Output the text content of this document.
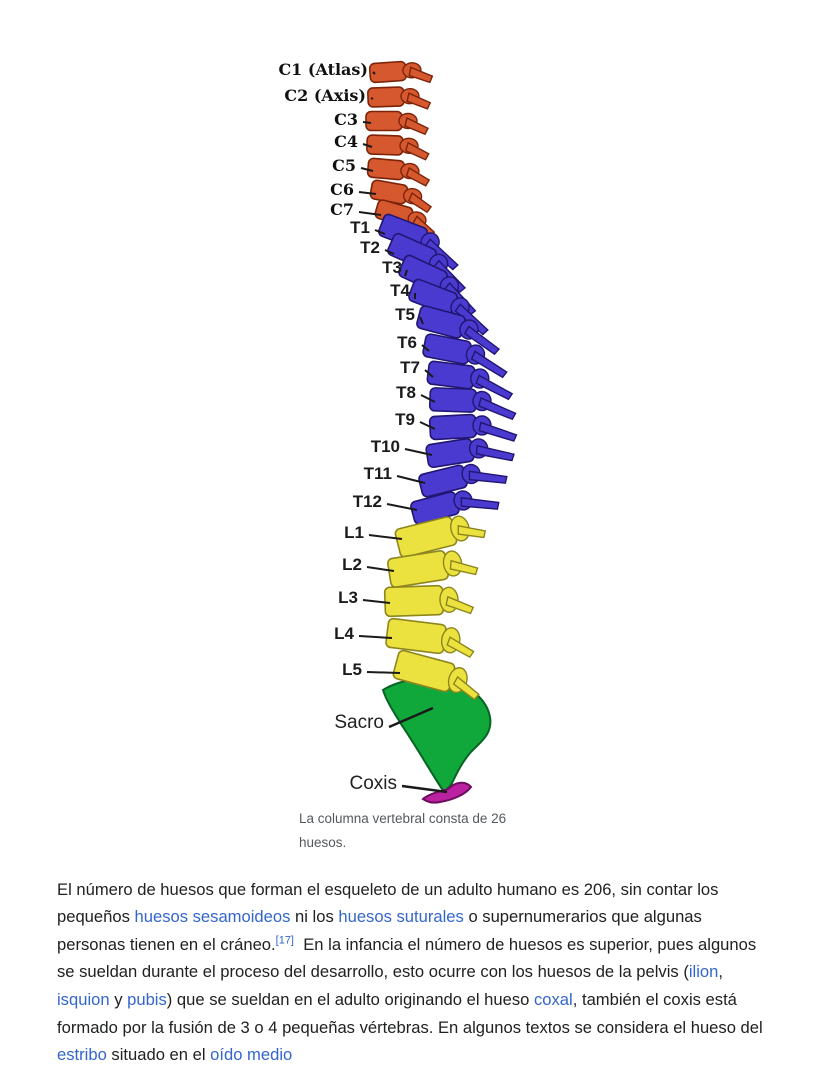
C1 (Atlas)
C2 (Axis)
C3
C4
C5
C6
C7
T1
T2
T3
T4
T5
T6
T7
T8
T9
T10
T11
T12
L1
L2
L3
L4
L5
Sacro
Coxis
La columna vertebral consta de 26 huesos.

El número de huesos que forman el esqueleto de un adulto humano es 206, sin contar los pequeños huesos sesamoideos ni los huesos suturales o supernumerarios que algunas personas tienen en el cráneo.[17]  En la infancia el número de huesos es superior, pues algunos se sueldan durante el proceso del desarrollo, esto ocurre con los huesos de la pelvis (ilion, isquion y pubis) que se sueldan en el adulto originando el hueso coxal, también el coxis está formado por la fusión de 3 o 4 pequeñas vértebras. En algunos textos se considera el hueso del estribo situado en el oído medio
